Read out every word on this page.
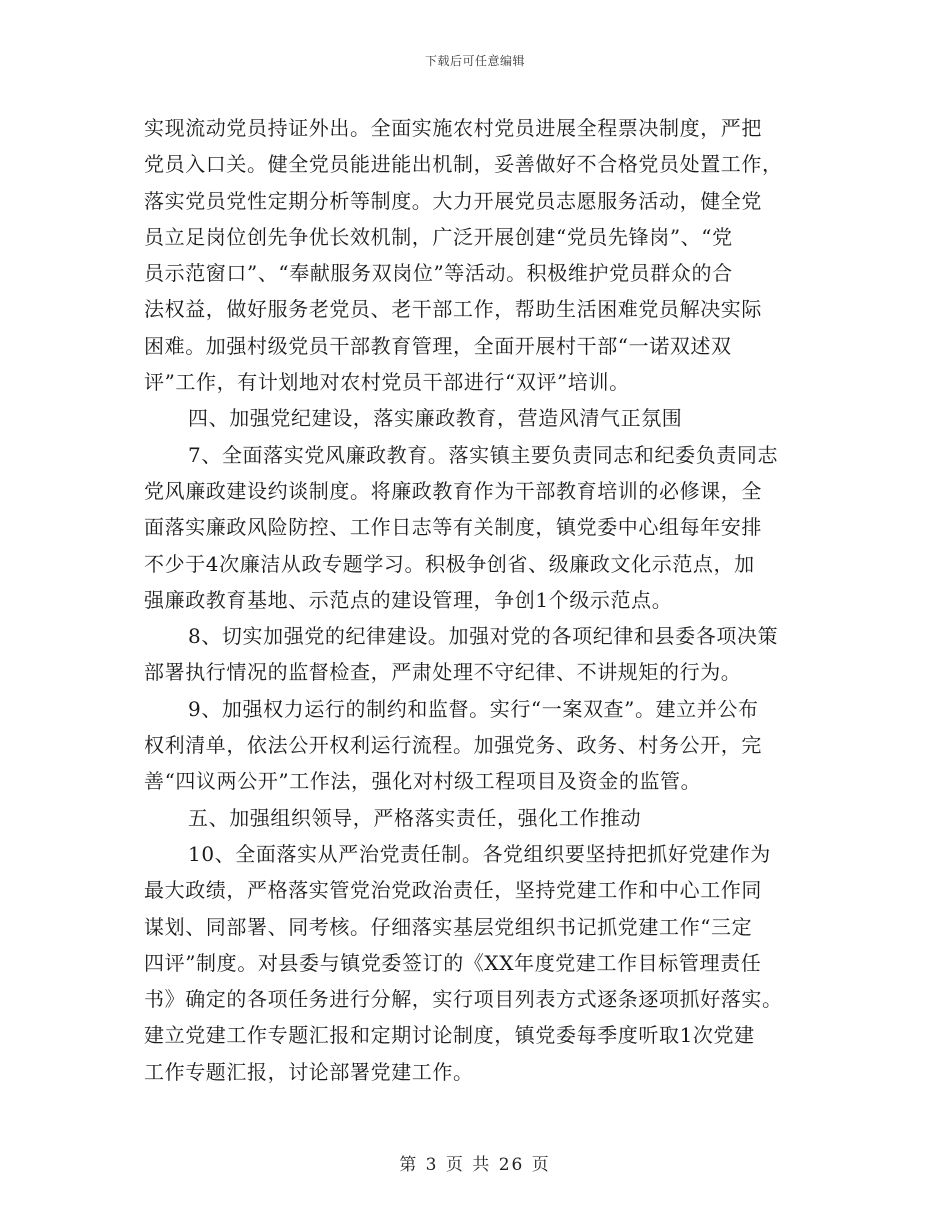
下载后可任意编辑
实现流动党员持证外出。全面实施农村党员进展全程票决制度，严把
党员入口关。健全党员能进能出机制，妥善做好不合格党员处置工作，
落实党员党性定期分析等制度。大力开展党员志愿服务活动，健全党
员立足岗位创先争优长效机制，广泛开展创建“党员先锋岗”、“党
员示范窗口”、“奉献服务双岗位”等活动。积极维护党员群众的合
法权益，做好服务老党员、老干部工作，帮助生活困难党员解决实际
困难。加强村级党员干部教育管理，全面开展村干部“一诺双述双
评”工作，有计划地对农村党员干部进行“双评”培训。
四、加强党纪建设，落实廉政教育，营造风清气正氛围
7、全面落实党风廉政教育。落实镇主要负责同志和纪委负责同志
党风廉政建设约谈制度。将廉政教育作为干部教育培训的必修课，全
面落实廉政风险防控、工作日志等有关制度，镇党委中心组每年安排
不少于4次廉洁从政专题学习。积极争创省、级廉政文化示范点，加
强廉政教育基地、示范点的建设管理，争创1个级示范点。
8、切实加强党的纪律建设。加强对党的各项纪律和县委各项决策
部署执行情况的监督检查，严肃处理不守纪律、不讲规矩的行为。
9、加强权力运行的制约和监督。实行“一案双查”。建立并公布
权利清单，依法公开权利运行流程。加强党务、政务、村务公开，完
善“四议两公开”工作法，强化对村级工程项目及资金的监管。
五、加强组织领导，严格落实责任，强化工作推动
10、全面落实从严治党责任制。各党组织要坚持把抓好党建作为
最大政绩，严格落实管党治党政治责任，坚持党建工作和中心工作同
谋划、同部署、同考核。仔细落实基层党组织书记抓党建工作“三定
四评”制度。对县委与镇党委签订的《XX年度党建工作目标管理责任
书》确定的各项任务进行分解，实行项目列表方式逐条逐项抓好落实。
建立党建工作专题汇报和定期讨论制度，镇党委每季度听取1次党建
工作专题汇报，讨论部署党建工作。
第 3 页 共 26 页
